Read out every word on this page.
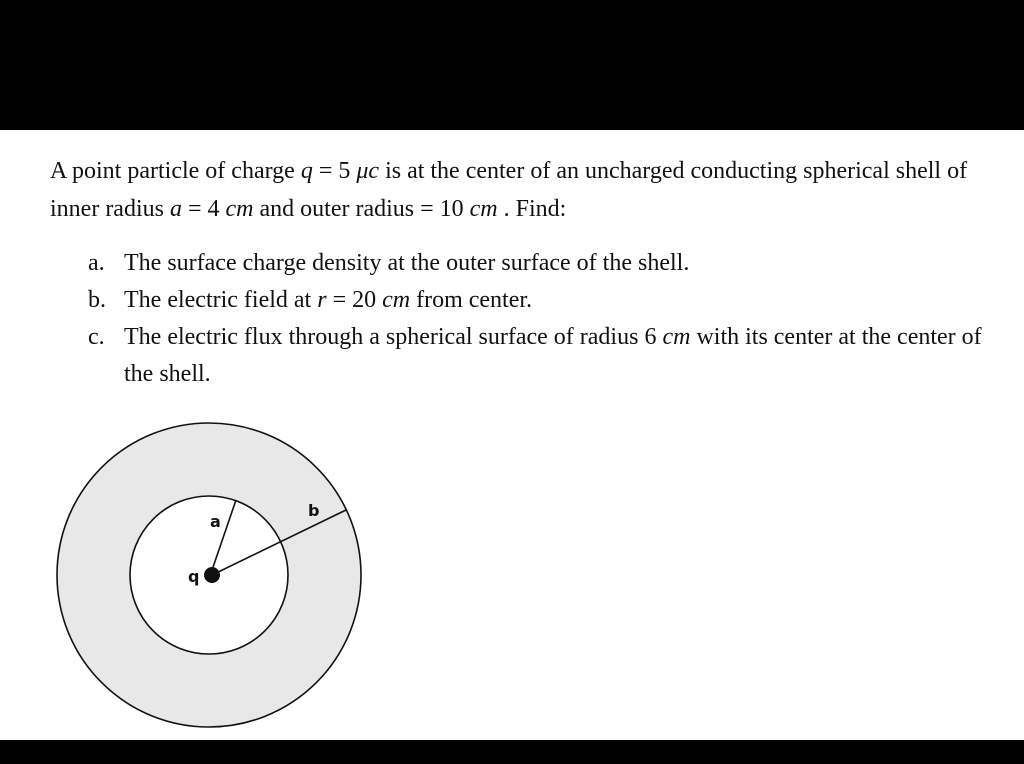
A point particle of charge q = 5 μc is at the center of an uncharged conducting spherical shell of inner radius a = 4 cm and outer radius = 10 cm . Find:

a. The surface charge density at the outer surface of the shell.
b. The electric field at r = 20 cm from center.
c. The electric flux through a spherical surface of radius 6 cm with its center at the center of the shell.
a
b
q
